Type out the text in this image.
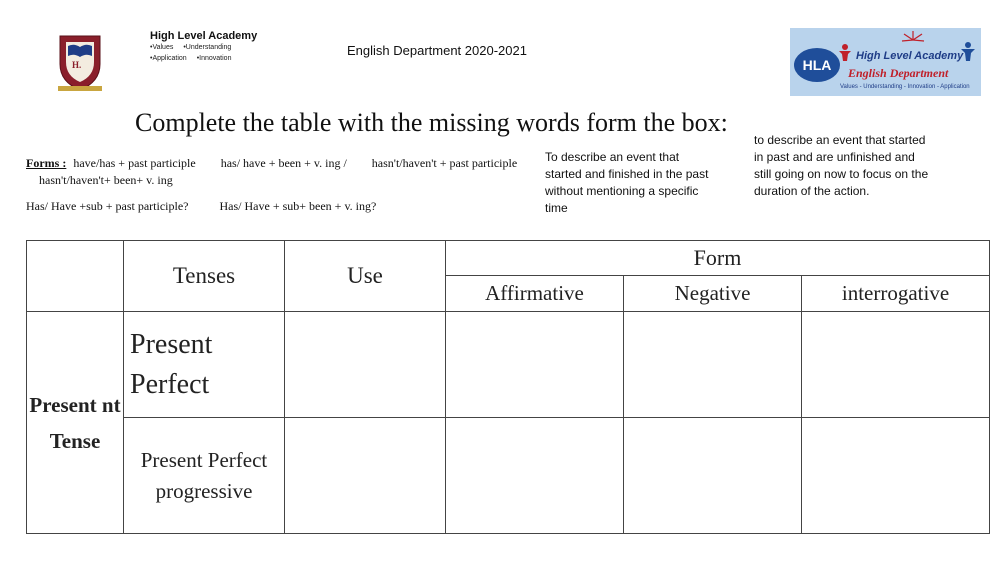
H.
High Level Academy
•Values •Understanding
•Application •Innovation
English Department 2020-2021
HLA
High Level Academy
English Department
Values - Understanding - Innovation - Application
Complete the table with the missing words form the box:
Forms : have/has + past participle has/ have + been + v. ing / hasn't/haven't + past participle hasn't/haven't+ been+ v. ing
Has/ Have +sub + past participle?	Has/ Have + sub+ been + v. ing?
To describe an event that started and finished in the past without mentioning a specific time
to describe an event that started in past and are unfinished and still going on now to focus on the duration of the action.
	Tenses	Use	Form		
			Affirmative	Negative	interrogative
Present nt Tense	Present Perfect				
	Present Perfect progressive				
